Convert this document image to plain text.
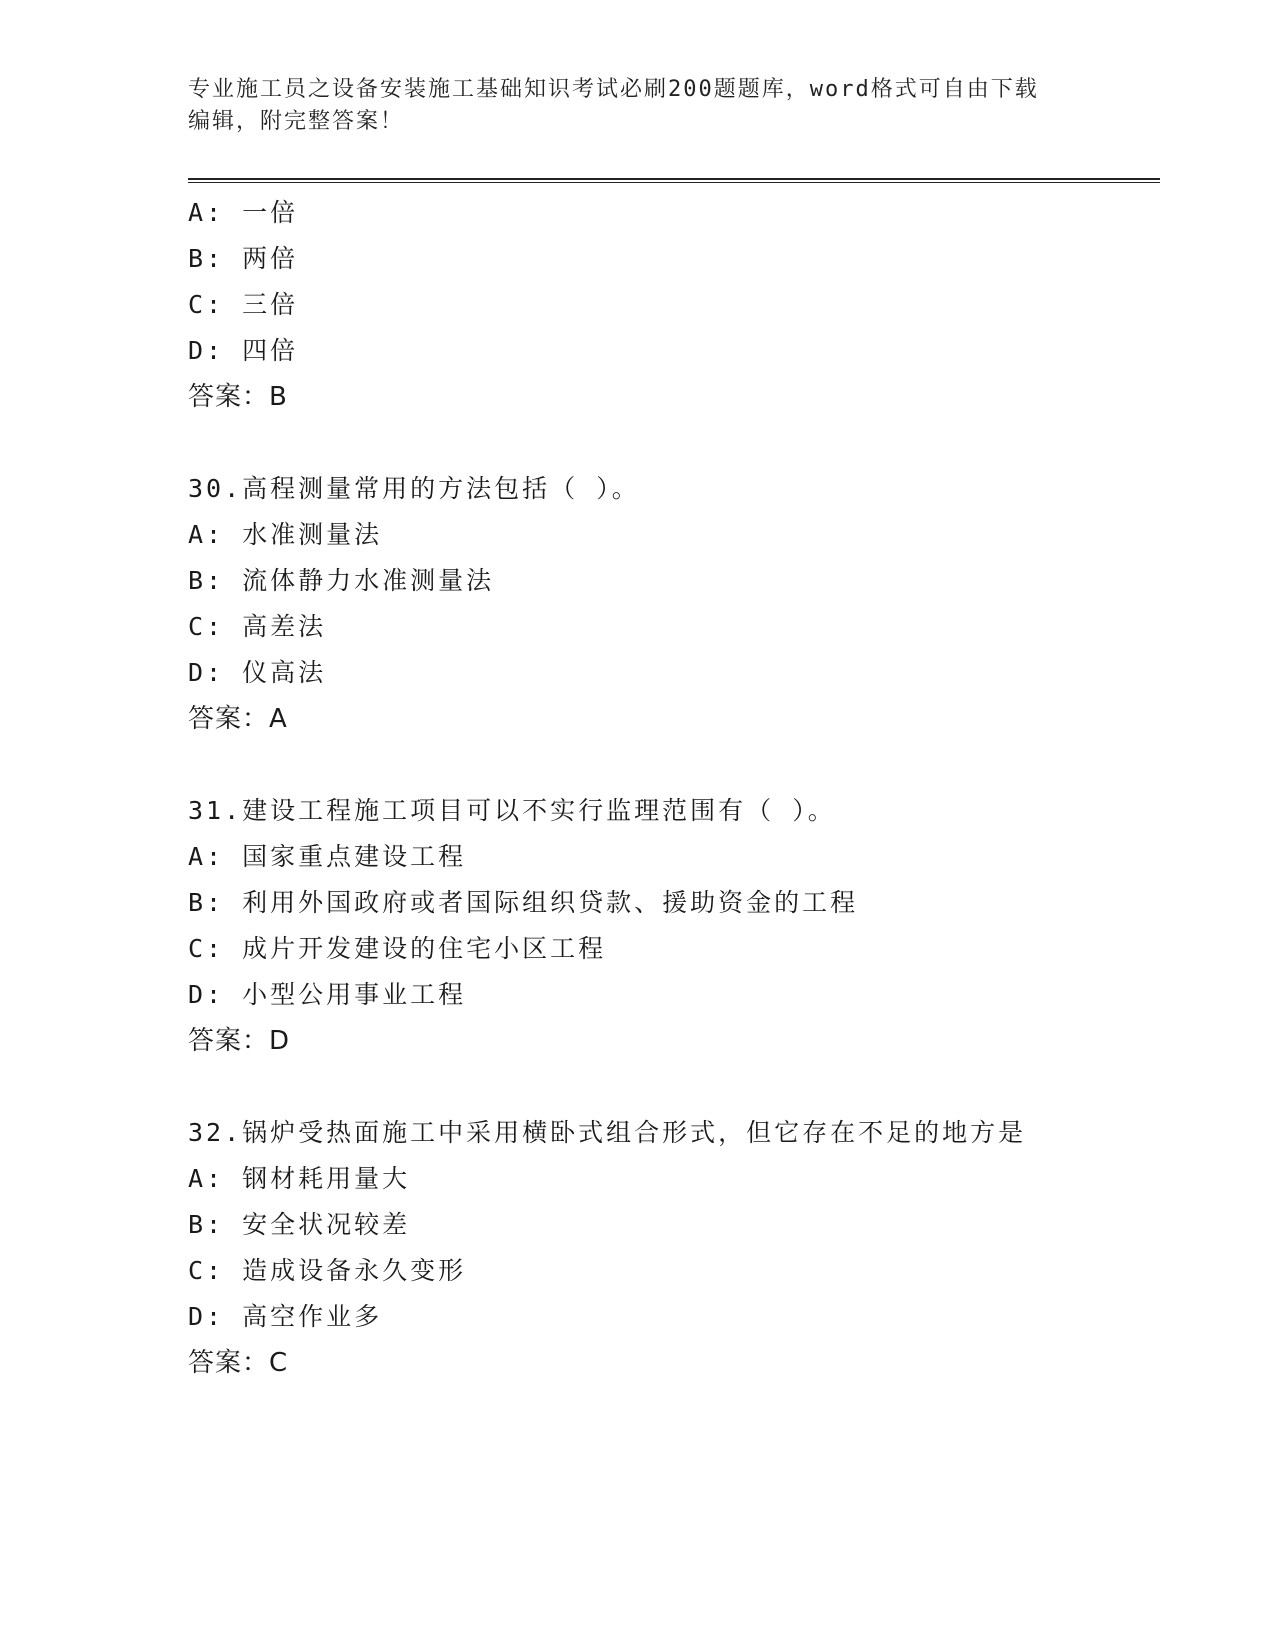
专业施工员之设备安装施工基础知识考试必刷200题题库，word格式可自由下载
编辑，附完整答案！
A: 一倍
B: 两倍
C: 三倍
D: 四倍
答案：B
30.高程测量常用的方法包括（ ）。
A: 水准测量法
B: 流体静力水准测量法
C: 高差法
D: 仪高法
答案：A
31.建设工程施工项目可以不实行监理范围有（ ）。
A: 国家重点建设工程
B: 利用外国政府或者国际组织贷款、援助资金的工程
C: 成片开发建设的住宅小区工程
D: 小型公用事业工程
答案：D
32.锅炉受热面施工中采用横卧式组合形式，但它存在不足的地方是
A: 钢材耗用量大
B: 安全状况较差
C: 造成设备永久变形
D: 高空作业多
答案：C
